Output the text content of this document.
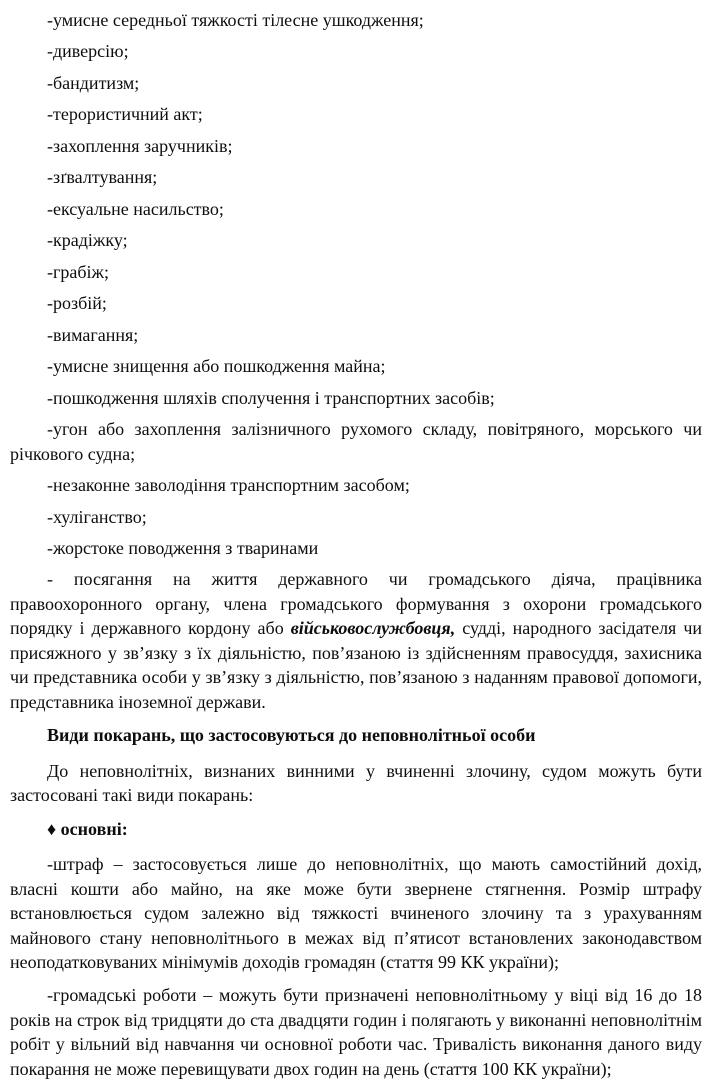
-умисне середньої тяжкості тілесне ушкодження;

-диверсію;

-бандитизм;

-терористичний акт;

-захоплення заручників;

-зґвалтування;

-ексуальне насильство;

-крадіжку;

-грабіж;

-розбій;

-вимагання;

-умисне знищення або пошкодження майна;

-пошкодження шляхів сполучення і транспортних засобів;

-угон або захоплення залізничного рухомого складу, повітряного, морського чи річкового судна;

-незаконне заволодіння транспортним засобом;

-хуліганство;

-жорстоке поводження з тваринами

- посягання на життя державного чи громадського діяча, працівника правоохоронного органу, члена громадського формування з охорони громадського порядку і державного кордону або військовослужбовця, судді, народного засідателя чи присяжного у зв’язку з їх діяльністю, пов’язаною із здійсненням правосуддя, захисника чи представника особи у зв’язку з діяльністю, пов’язаною з наданням правової допомоги, представника іноземної держави.

Види покарань, що застосовуються до неповнолітньої особи

До неповнолітніх, визнаних винними у вчиненні злочину, судом можуть бути застосовані такі види покарань:

♦ основні:

-штраф – застосовується лише до неповнолітніх, що мають самостійний дохід, власні кошти або майно, на яке може бути звернене стягнення. Розмір штрафу встановлюється судом залежно від тяжкості вчиненого злочину та з урахуванням майнового стану неповнолітнього в межах від п’ятисот встановлених законодавством неоподатковуваних мінімумів доходів громадян (стаття 99 КК україни);

-громадські роботи – можуть бути призначені неповнолітньому у віці від 16 до 18 років на строк від тридцяти до ста двадцяти годин і полягають у виконанні неповнолітнім робіт у вільний від навчання чи основної роботи час. Тривалість виконання даного виду покарання не може перевищувати двох годин на день (стаття 100 КК україни);
